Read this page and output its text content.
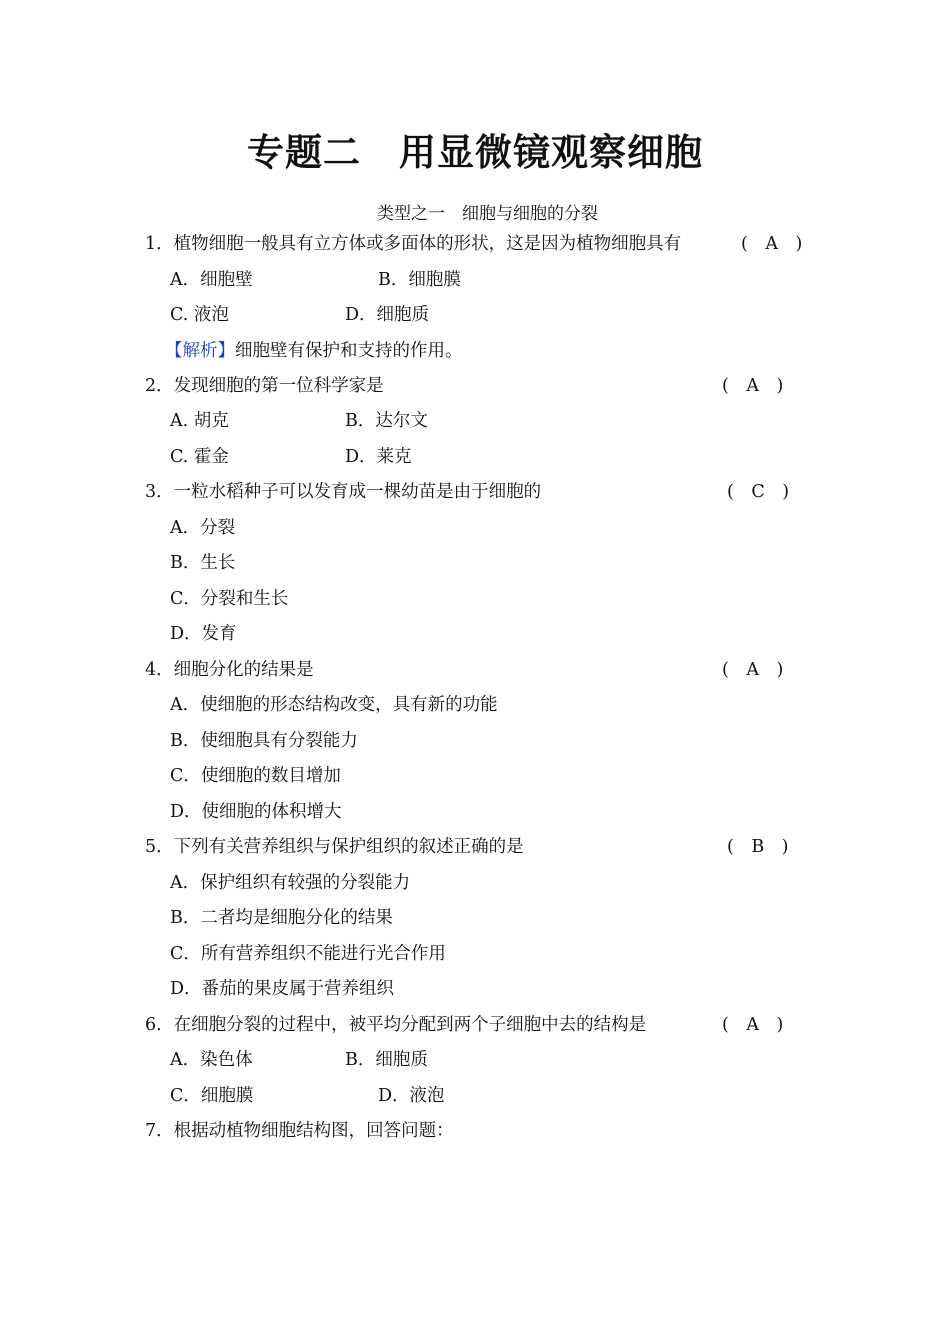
专题二　用显微镜观察细胞
类型之一　细胞与细胞的分裂
1．植物细胞一般具有立方体或多面体的形状，这是因为植物细胞具有	(　A　)
A．细胞壁	B．细胞膜
C. 液泡	D．细胞质
【解析】细胞壁有保护和支持的作用。
2．发现细胞的第一位科学家是	(　A　)
A. 胡克	B．达尔文
C. 霍金	D．莱克
3．一粒水稻种子可以发育成一棵幼苗是由于细胞的	(　C　)
A．分裂
B．生长
C．分裂和生长
D．发育
4．细胞分化的结果是	(　A　)
A．使细胞的形态结构改变，具有新的功能
B．使细胞具有分裂能力
C．使细胞的数目增加
D．使细胞的体积增大
5．下列有关营养组织与保护组织的叙述正确的是	(　B　)
A．保护组织有较强的分裂能力
B．二者均是细胞分化的结果
C．所有营养组织不能进行光合作用
D．番茄的果皮属于营养组织
6．在细胞分裂的过程中，被平均分配到两个子细胞中去的结构是	(　A　)
A．染色体	B．细胞质
C．细胞膜	D．液泡
7．根据动植物细胞结构图，回答问题：
